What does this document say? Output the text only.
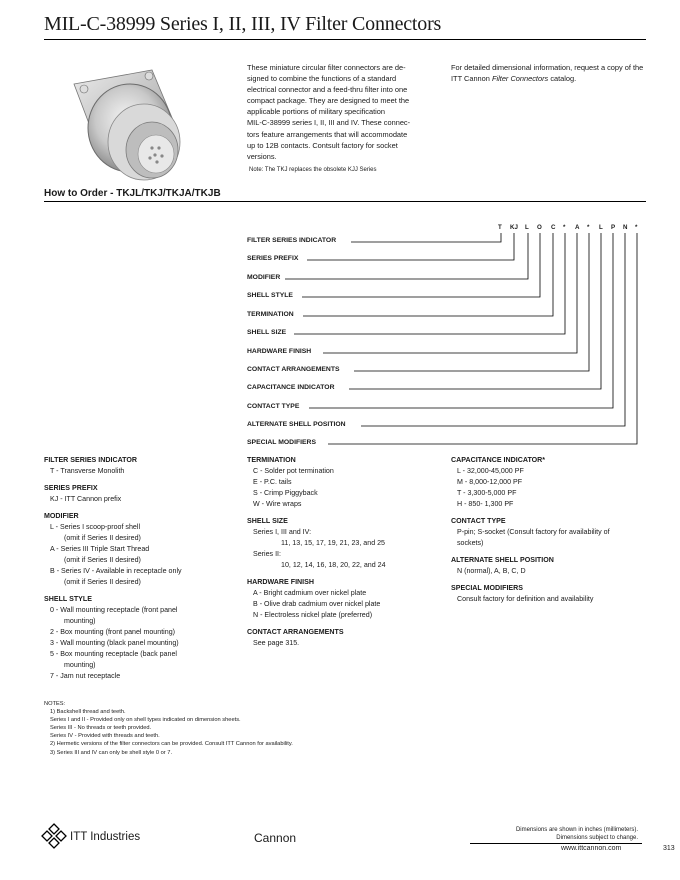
MIL-C-38999 Series I, II, III, IV Filter Connectors
These miniature circular filter connectors are de-
signed to combine the functions of a standard
electrical connector and a feed-thru filter into one
compact package. They are designed to meet the
applicable portions of military specification
MIL-C-38999 series I, II, III and IV. These connec-
tors feature arrangements that will accommodate
up to 12B contacts. Contsult factory for socket
versions.
Note: The TKJ replaces the obsolete KJJ Series
For detailed dimensional information, request a copy of the ITT Cannon Filter Connectors catalog.
How to Order - TKJL/TKJ/TKJA/TKJB
T KJ L O C * A * L P N *
FILTER SERIES INDICATOR
SERIES PREFIX
MODIFIER
SHELL STYLE
TERMINATION
SHELL SIZE
HARDWARE FINISH
CONTACT ARRANGEMENTS
CAPACITANCE INDICATOR
CONTACT TYPE
ALTERNATE SHELL POSITION
SPECIAL MODIFIERS
FILTER SERIES INDICATOR
T - Transverse Monolith
SERIES PREFIX
KJ - ITT Cannon prefix
MODIFIER
L - Series I scoop-proof shell
(omit if Series II desired)
A - Series III Triple Start Thread
(omit if Series II desired)
B - Series IV - Available in receptacle only
(omit if Series II desired)
SHELL STYLE
0 - Wall mounting receptacle (front panel
mounting)
2 - Box mounting (front panel mounting)
3 - Wall mounting (black panel mounting)
5 - Box mounting receptacle (back panel
mounting)
7 - Jam nut receptacle
TERMINATION
C - Solder pot termination
E - P.C. tails
S - Crimp Piggyback
W - Wire wraps
SHELL SIZE
Series I, III and IV:
11, 13, 15, 17, 19, 21, 23, and 25
Series II:
10, 12, 14, 16, 18, 20, 22, and 24
HARDWARE FINISH
A - Bright cadmium over nickel plate
B - Olive drab cadmium over nickel plate
N - Electroless nickel plate (preferred)
CONTACT ARRANGEMENTS
See page 315.
CAPACITANCE INDICATOR*
L - 32,000-45,000 PF
M - 8,000-12,000 PF
T - 3,300-5,000 PF
H - 850- 1,300 PF
CONTACT TYPE
P-pin; S-socket (Consult factory for availability of
sockets)
ALTERNATE SHELL POSITION
N (normal), A, B, C, D
SPECIAL MODIFIERS
Consult factory for definition and availability
NOTES:
1) Backshell thread and teeth.
Series I and II - Provided only on shell types indicated on dimension sheets.
Series III - No threads or teeth provided.
Series IV - Provided with threads and teeth.
2) Hermetic versions of the filter connectors can be provided. Consult ITT Cannon for availability.
3) Series III and IV can only be shell style 0 or 7.
ITT Industries	Cannon
Dimensions are shown in inches (millimeters).
Dimensions subject to change.
www.ittcannon.com	313
